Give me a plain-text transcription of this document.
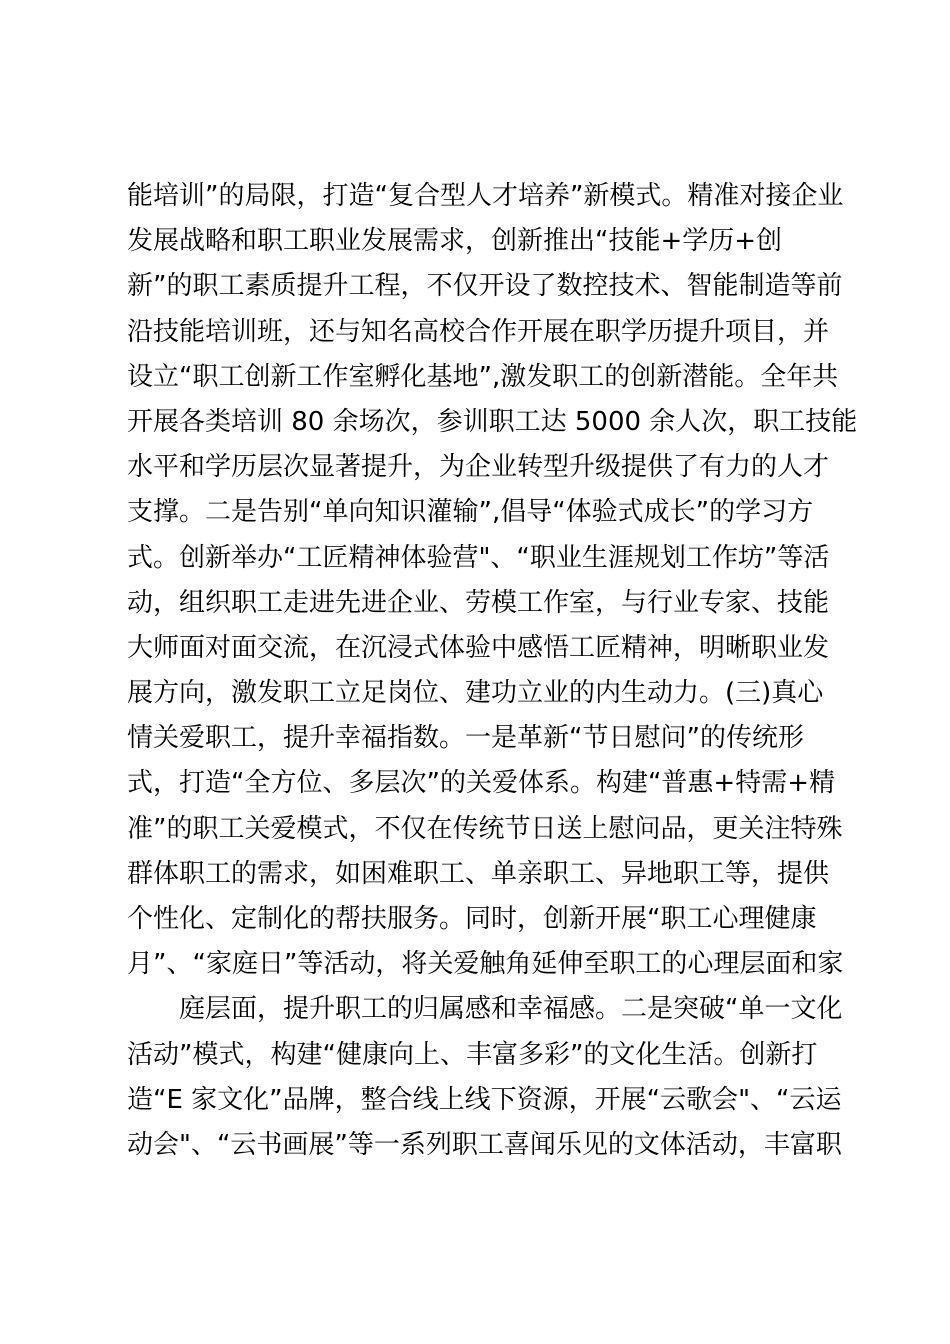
能培训”的局限，打造“复合型人才培养”新模式。精准对接企业
发展战略和职工职业发展需求，创新推出“技能+学历+创
新”的职工素质提升工程，不仅开设了数控技术、智能制造等前
沿技能培训班，还与知名高校合作开展在职学历提升项目，并
设立“职工创新工作室孵化基地”,激发职工的创新潜能。全年共
开展各类培训 80 余场次，参训职工达 5000 余人次，职工技能
水平和学历层次显著提升，为企业转型升级提供了有力的人才
支撑。二是告别“单向知识灌输”,倡导“体验式成长”的学习方
式。创新举办“工匠精神体验营"、“职业生涯规划工作坊”等活
动，组织职工走进先进企业、劳模工作室，与行业专家、技能
大师面对面交流，在沉浸式体验中感悟工匠精神，明晰职业发
展方向，激发职工立足岗位、建功立业的内生动力。(三)真心
情关爱职工，提升幸福指数。一是革新“节日慰问”的传统形
式，打造“全方位、多层次”的关爱体系。构建“普惠+特需+精
准”的职工关爱模式，不仅在传统节日送上慰问品，更关注特殊
群体职工的需求，如困难职工、单亲职工、异地职工等，提供
个性化、定制化的帮扶服务。同时，创新开展“职工心理健康
月”、“家庭日”等活动，将关爱触角延伸至职工的心理层面和家
庭层面，提升职工的归属感和幸福感。二是突破“单一文化
活动”模式，构建“健康向上、丰富多彩”的文化生活。创新打
造“E 家文化”品牌，整合线上线下资源，开展“云歌会"、“云运
动会"、“云书画展”等一系列职工喜闻乐见的文体活动，丰富职
